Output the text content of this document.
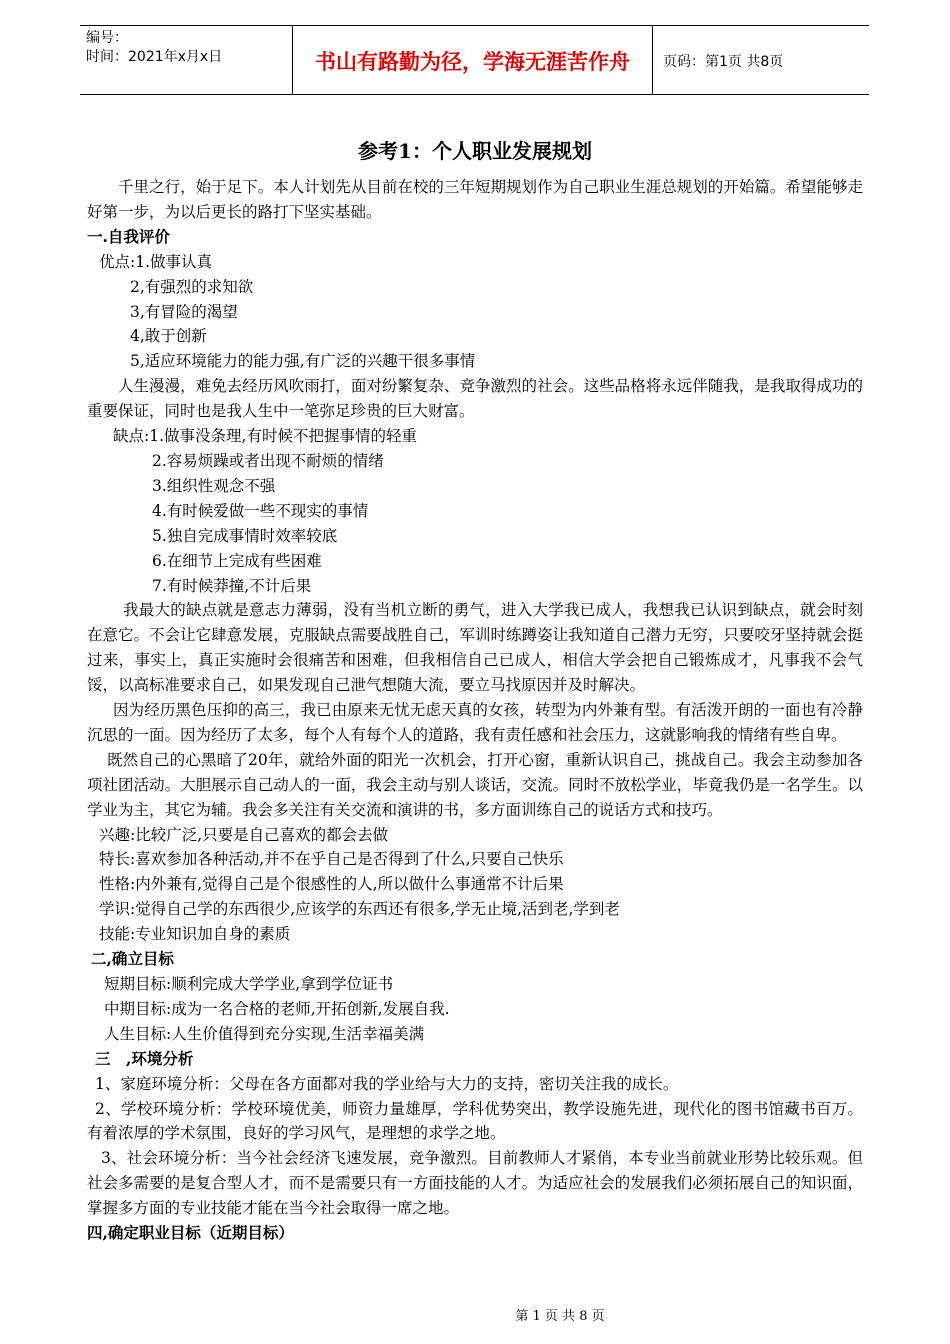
编号：
时间：2021年x月x日	书山有路勤为径，学海无涯苦作舟	页码：第1页 共8页
参考1：个人职业发展规划

千里之行，始于足下。本人计划先从目前在校的三年短期规划作为自己职业生涯总规划的开始篇。希望能够走好第一步，为以后更长的路打下坚实基础。

一.自我评价

优点:1.做事认真

2,有强烈的求知欲

3,有冒险的渴望

4,敢于创新

5,适应环境能力的能力强,有广泛的兴趣干很多事情

人生漫漫，难免去经历风吹雨打，面对纷繁复杂、竞争激烈的社会。这些品格将永远伴随我，是我取得成功的重要保证，同时也是我人生中一笔弥足珍贵的巨大财富。

缺点:1.做事没条理,有时候不把握事情的轻重

2.容易烦躁或者出现不耐烦的情绪

3.组织性观念不强

4.有时候爱做一些不现实的事情

5.独自完成事情时效率较底

6.在细节上完成有些困难

7.有时候莽撞,不计后果

我最大的缺点就是意志力薄弱，没有当机立断的勇气，进入大学我已成人，我想我已认识到缺点，就会时刻在意它。不会让它肆意发展，克服缺点需要战胜自己，军训时练蹲姿让我知道自己潜力无穷，只要咬牙坚持就会挺过来，事实上，真正实施时会很痛苦和困难，但我相信自己已成人，相信大学会把自己锻炼成才，凡事我不会气馁，以高标准要求自己，如果发现自己泄气想随大流，要立马找原因并及时解决。

因为经历黑色压抑的高三，我已由原来无忧无虑天真的女孩，转型为内外兼有型。有活泼开朗的一面也有冷静沉思的一面。因为经历了太多，每个人有每个人的道路，我有责任感和社会压力，这就影响我的情绪有些自卑。

既然自己的心黑暗了20年，就给外面的阳光一次机会，打开心窗，重新认识自己，挑战自己。我会主动参加各项社团活动。大胆展示自己动人的一面，我会主动与别人谈话，交流。同时不放松学业，毕竟我仍是一名学生。以学业为主，其它为辅。我会多关注有关交流和演讲的书，多方面训练自己的说话方式和技巧。

兴趣:比较广泛,只要是自己喜欢的都会去做

特长:喜欢参加各种活动,并不在乎自己是否得到了什么,只要自己快乐

性格:内外兼有,觉得自己是个很感性的人,所以做什么事通常不计后果

学识:觉得自己学的东西很少,应该学的东西还有很多,学无止境,活到老,学到老

技能:专业知识加自身的素质

二,确立目标

短期目标:顺利完成大学学业,拿到学位证书

中期目标:成为一名合格的老师,开拓创新,发展自我.

人生目标:人生价值得到充分实现,生活幸福美满

三　,环境分析

1、家庭环境分析：父母在各方面都对我的学业给与大力的支持，密切关注我的成长。

2、学校环境分析：学校环境优美，师资力量雄厚，学科优势突出，教学设施先进，现代化的图书馆藏书百万。有着浓厚的学术氛围，良好的学习风气，是理想的求学之地。

3、社会环境分析：当今社会经济飞速发展，竞争激烈。目前教师人才紧俏，本专业当前就业形势比较乐观。但社会多需要的是复合型人才，而不是需要只有一方面技能的人才。为适应社会的发展我们必须拓展自己的知识面，掌握多方面的专业技能才能在当今社会取得一席之地。

四,确定职业目标（近期目标）

第 1 页 共 8 页
